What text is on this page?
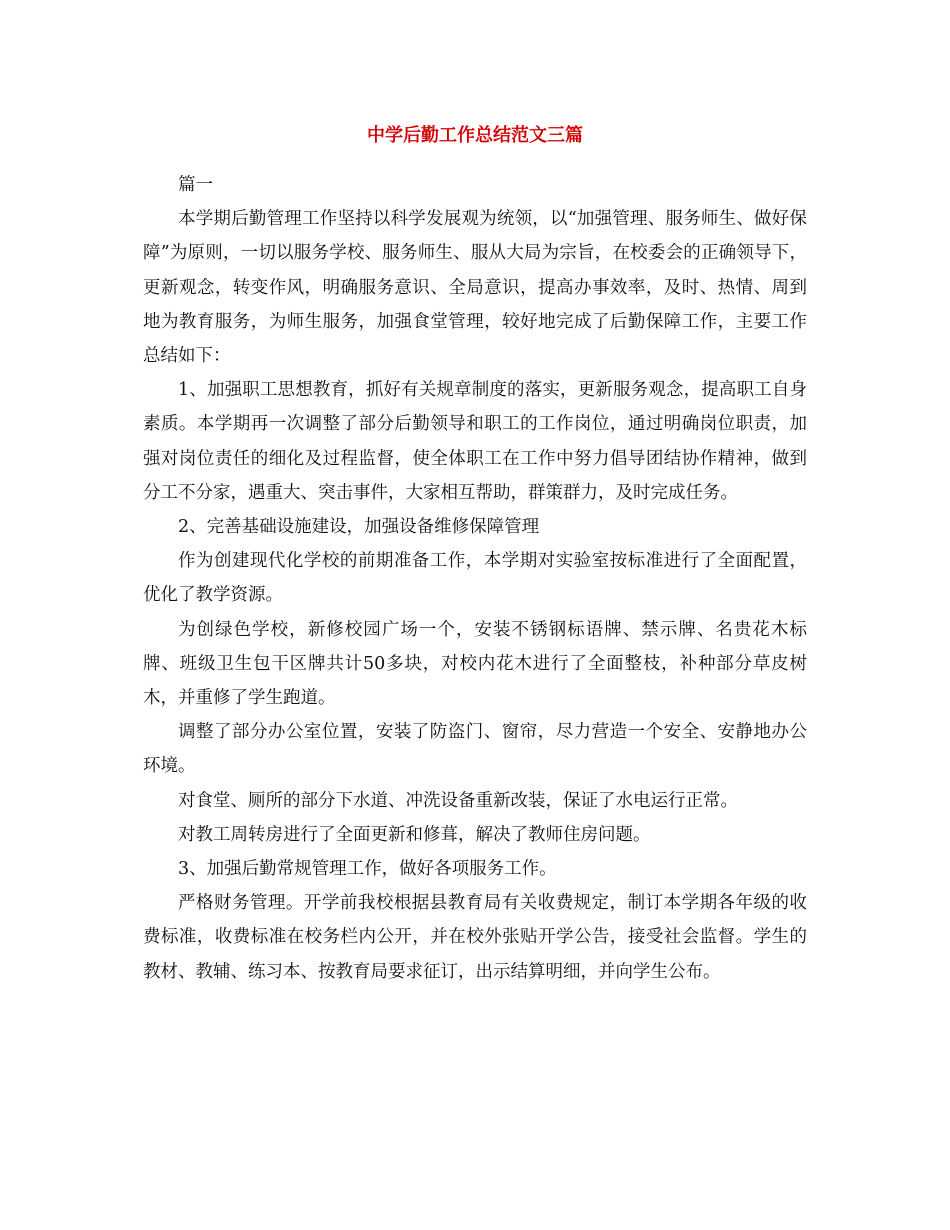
中学后勤工作总结范文三篇

篇一

本学期后勤管理工作坚持以科学发展观为统领，以“加强管理、服务师生、做好保障”为原则，一切以服务学校、服务师生、服从大局为宗旨，在校委会的正确领导下，更新观念，转变作风，明确服务意识、全局意识，提高办事效率，及时、热情、周到地为教育服务，为师生服务，加强食堂管理，较好地完成了后勤保障工作，主要工作总结如下：

1、加强职工思想教育，抓好有关规章制度的落实，更新服务观念，提高职工自身素质。本学期再一次调整了部分后勤领导和职工的工作岗位，通过明确岗位职责，加强对岗位责任的细化及过程监督，使全体职工在工作中努力倡导团结协作精神，做到分工不分家，遇重大、突击事件，大家相互帮助，群策群力，及时完成任务。

2、完善基础设施建设，加强设备维修保障管理

作为创建现代化学校的前期准备工作，本学期对实验室按标准进行了全面配置，优化了教学资源。

为创绿色学校，新修校园广场一个，安装不锈钢标语牌、禁示牌、名贵花木标牌、班级卫生包干区牌共计50多块，对校内花木进行了全面整枝，补种部分草皮树木，并重修了学生跑道。

调整了部分办公室位置，安装了防盗门、窗帘，尽力营造一个安全、安静地办公环境。

对食堂、厕所的部分下水道、冲洗设备重新改装，保证了水电运行正常。

对教工周转房进行了全面更新和修葺，解决了教师住房问题。

3、加强后勤常规管理工作，做好各项服务工作。

严格财务管理。开学前我校根据县教育局有关收费规定，制订本学期各年级的收费标准，收费标准在校务栏内公开，并在校外张贴开学公告，接受社会监督。学生的教材、教辅、练习本、按教育局要求征订，出示结算明细，并向学生公布。
